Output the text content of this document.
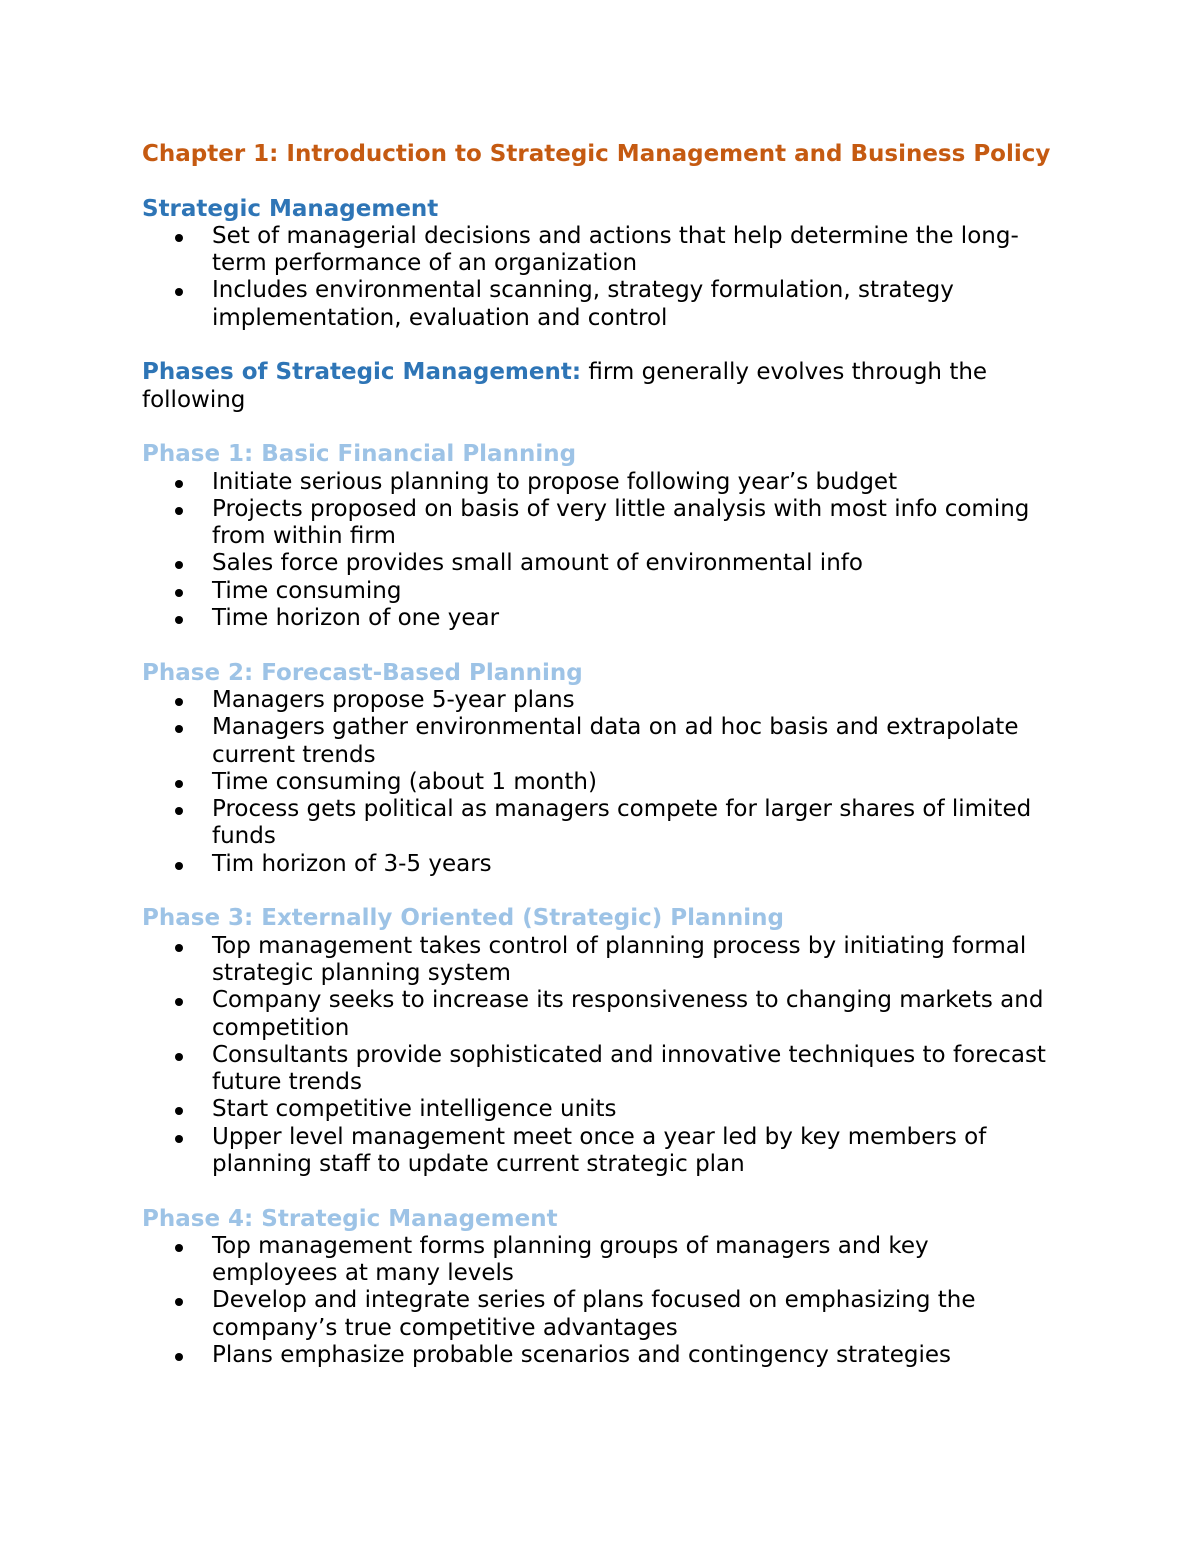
Chapter 1: Introduction to Strategic Management and Business Policy

Strategic Management

Set of managerial decisions and actions that help determine the long-term performance of an organization
Includes environmental scanning, strategy formulation, strategy implementation, evaluation and control

Phases of Strategic Management: firm generally evolves through the following

Phase 1: Basic Financial Planning

Initiate serious planning to propose following year’s budget
Projects proposed on basis of very little analysis with most info coming from within firm
Sales force provides small amount of environmental info
Time consuming
Time horizon of one year

Phase 2: Forecast-Based Planning

Managers propose 5-year plans
Managers gather environmental data on ad hoc basis and extrapolate current trends
Time consuming (about 1 month)
Process gets political as managers compete for larger shares of limited funds
Tim horizon of 3-5 years

Phase 3: Externally Oriented (Strategic) Planning

Top management takes control of planning process by initiating formal strategic planning system
Company seeks to increase its responsiveness to changing markets and competition
Consultants provide sophisticated and innovative techniques to forecast future trends
Start competitive intelligence units
Upper level management meet once a year led by key members of planning staff to update current strategic plan

Phase 4: Strategic Management

Top management forms planning groups of managers and key employees at many levels
Develop and integrate series of plans focused on emphasizing the company’s true competitive advantages
Plans emphasize probable scenarios and contingency strategies
